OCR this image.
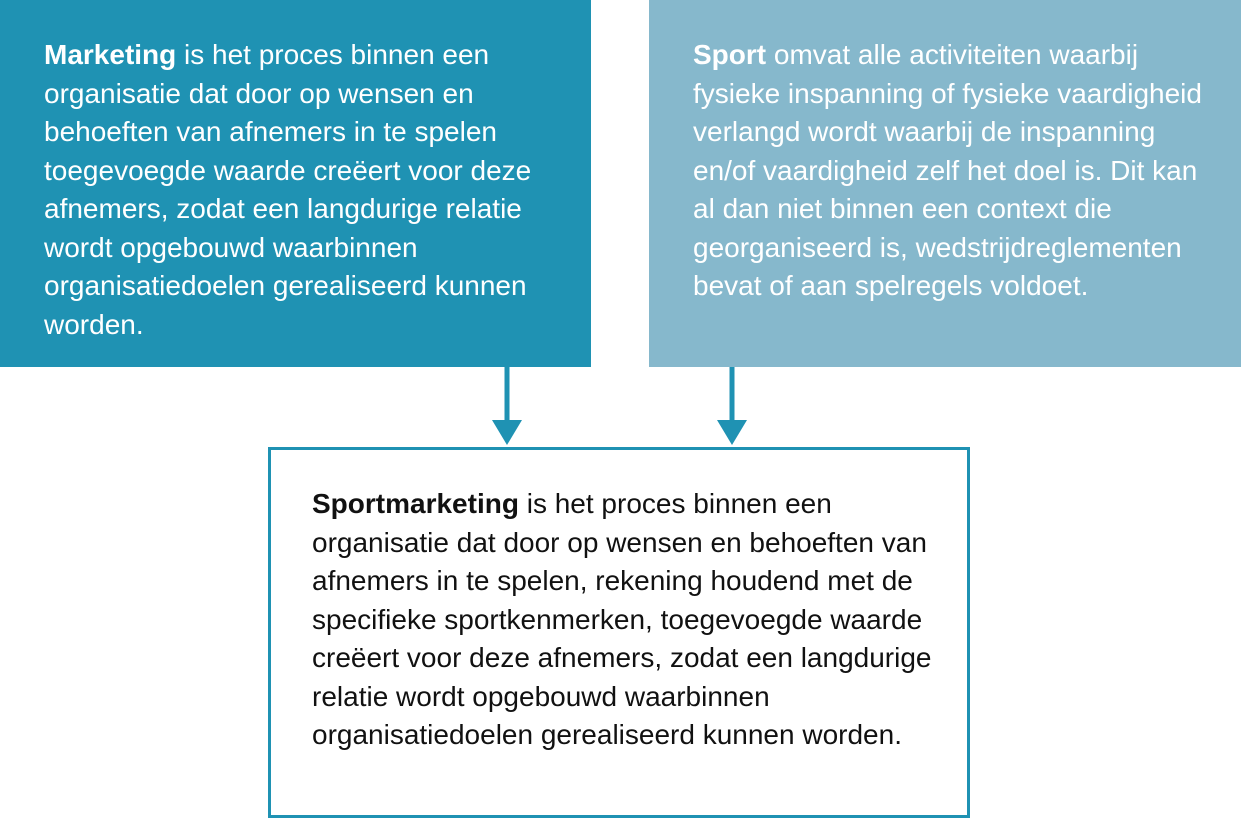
Marketing is het proces binnen een organisatie dat door op wensen en behoeften van afnemers in te spelen toegevoegde waarde creëert voor deze afnemers, zodat een langdurige relatie wordt opgebouwd waarbinnen organisatiedoelen gerealiseerd kunnen worden.

Sport omvat alle activiteiten waarbij fysieke inspanning of fysieke vaardigheid verlangd wordt waarbij de inspanning en/of vaardigheid zelf het doel is. Dit kan al dan niet binnen een context die georganiseerd is, wedstrijdreglementen bevat of aan spelregels voldoet.

Sportmarketing is het proces binnen een organisatie dat door op wensen en behoeften van afnemers in te spelen, rekening houdend met de specifieke sportkenmerken, toegevoegde waarde creëert voor deze afnemers, zodat een langdurige relatie wordt opgebouwd waarbinnen organisatiedoelen gerealiseerd kunnen worden.
